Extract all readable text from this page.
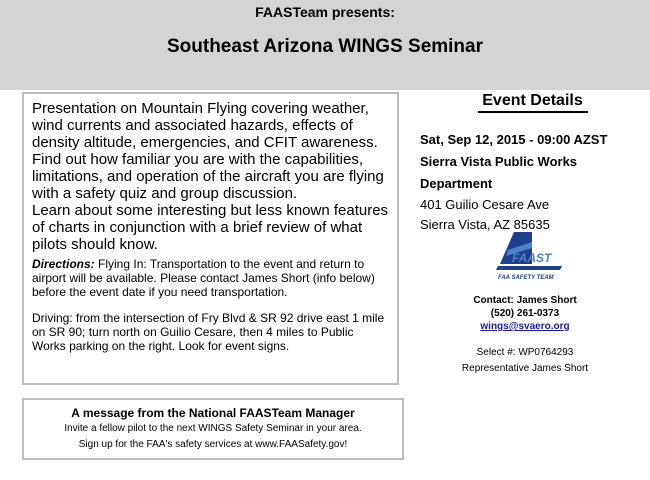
FAASTeam presents:
Southeast Arizona WINGS Seminar

Presentation on Mountain Flying covering weather, wind currents and associated hazards, effects of density altitude, emergencies, and CFIT awareness.

Find out how familiar you are with the capabilities, limitations, and operation of the aircraft you are flying with a safety quiz and group discussion.

Learn about some interesting but less known features of charts in conjunction with a brief review of what pilots should know.

Directions: Flying In: Transportation to the event and return to airport will be available. Please contact James Short (info below) before the event date if you need transportation.

Driving: from the intersection of Fry Blvd & SR 92 drive east 1 mile on SR 90; turn north on Guilio Cesare, then 4 miles to Public Works parking on the right. Look for event signs.

A message from the National FAASTeam Manager
Invite a fellow pilot to the next WINGS Safety Seminar in your area.
Sign up for the FAA's safety services at www.FAASafety.gov!
Event Details
Sat, Sep 12, 2015 - 09:00 AZST
Sierra Vista Public Works
Department
401 Guilio Cesare Ave
Sierra Vista, AZ 85635
FAAST
FAA SAFETY TEAM
Contact: James Short
(520) 261-0373
wings@svaero.org
Select #: WP0764293
Representative James Short
